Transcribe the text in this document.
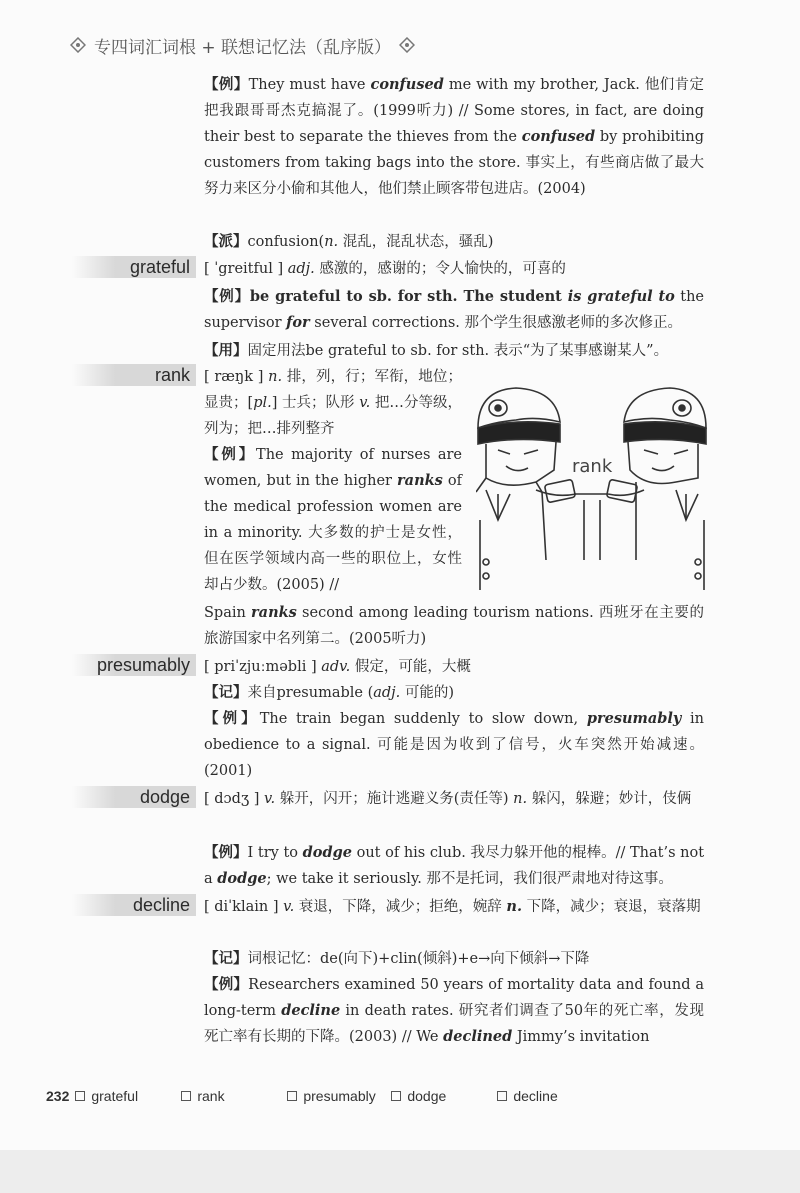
专四词汇词根 + 联想记忆法（乱序版）
【例】They must have confused me with my brother, Jack. 他们肯定把我跟哥哥杰克搞混了。(1999听力) // Some stores, in fact, are doing their best to separate the thieves from the confused by prohibiting customers from taking bags into the store. 事实上，有些商店做了最大努力来区分小偷和其他人，他们禁止顾客带包进店。(2004)
【派】confusion(n. 混乱，混乱状态，骚乱)
grateful [ ˈgreitful ] adj. 感激的，感谢的；令人愉快的，可喜的
【例】be grateful to sb. for sth. The student is grateful to the supervisor for several corrections. 那个学生很感激老师的多次修正。
【用】固定用法be grateful to sb. for sth. 表示“为了某事感谢某人”。
rank [ ræŋk ] n. 排，列，行；军衔，地位；显贵；[pl.] 士兵；队形 v. 把…分等级，列为；把…排列整齐
【例】The majority of nurses are women, but in the higher ranks of the medical profession women are in a minority. 大多数的护士是女性，但在医学领域内高一些的职位上，女性却占少数。(2005) //
Spain ranks second among leading tourism nations. 西班牙在主要的旅游国家中名列第二。(2005听力)
rank
presumably [ priˈzjuːməbli ] adv. 假定，可能，大概
【记】来自presumable (adj. 可能的)
【例】The train began suddenly to slow down, presumably in obedience to a signal. 可能是因为收到了信号，火车突然开始减速。(2001)
dodge [ dɔdʒ ] v. 躲开，闪开；施计逃避义务(责任等) n. 躲闪，躲避；妙计，伎俩
【例】I try to dodge out of his club. 我尽力躲开他的棍棒。// That’s not a dodge; we take it seriously. 那不是托词，我们很严肃地对待这事。
decline [ diˈklain ] v. 衰退，下降，减少；拒绝，婉辞 n. 下降，减少；衰退，衰落期
【记】词根记忆：de(向下)+clin(倾斜)+e→向下倾斜→下降
【例】Researchers examined 50 years of mortality data and found a long-term decline in death rates. 研究者们调查了50年的死亡率，发现死亡率有长期的下降。(2003) // We declined Jimmy’s invitation
232 grateful	rank	presumably dodge	decline
